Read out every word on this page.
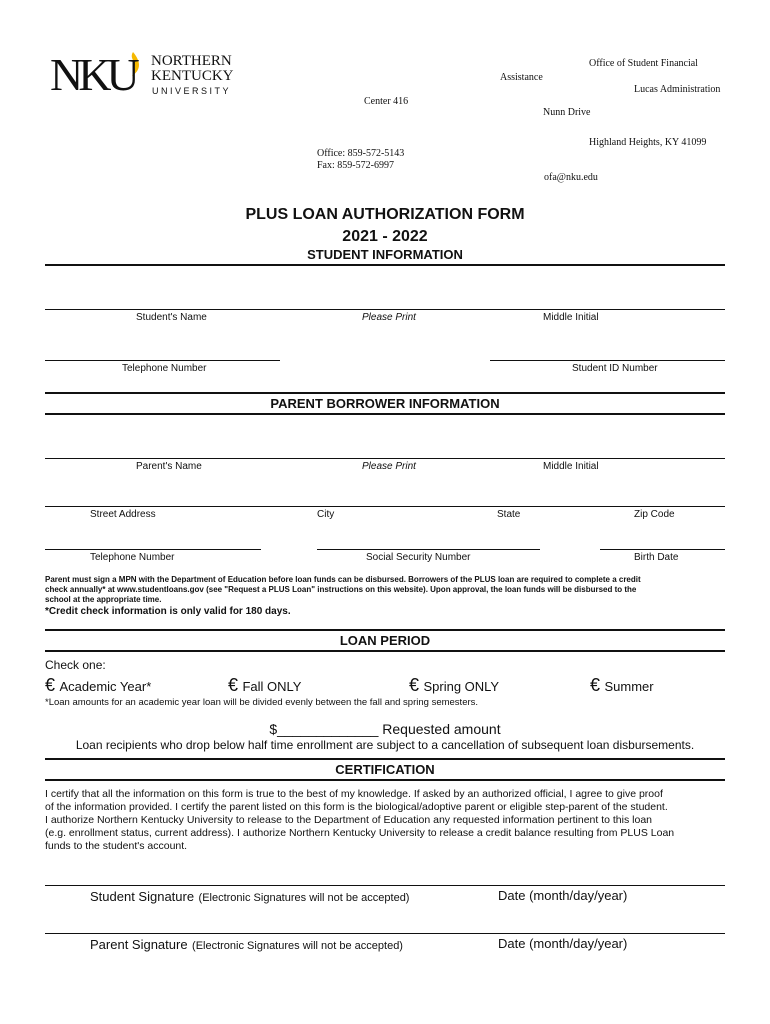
NKU NORTHERN
KENTUCKY
UNIVERSITY
Office of Student Financial
Assistance
Lucas Administration
Center 416
Nunn Drive
Highland Heights, KY 41099
Office: 859-572-5143
Fax: 859-572-6997
ofa@nku.edu
PLUS LOAN AUTHORIZATION FORM
2021 - 2022
STUDENT INFORMATION
Student's Name	Please Print	Middle Initial
Telephone Number	Student ID Number
PARENT BORROWER INFORMATION
Parent's Name	Please Print	Middle Initial
Street Address	City	State	Zip Code
Telephone Number	Social Security Number	Birth Date
Parent must sign a MPN with the Department of Education before loan funds can be disbursed. Borrowers of the PLUS loan are required to complete a credit
check annually* at www.studentloans.gov (see "Request a PLUS Loan" instructions on this website). Upon approval, the loan funds will be disbursed to the
school at the appropriate time.
*Credit check information is only valid for 180 days.
LOAN PERIOD
Check one:
€ Academic Year*	€ Fall ONLY	€ Spring ONLY	€ Summer
*Loan amounts for an academic year loan will be divided evenly between the fall and spring semesters.
$_____________ Requested amount
Loan recipients who drop below half time enrollment are subject to a cancellation of subsequent loan disbursements.
CERTIFICATION
I certify that all the information on this form is true to the best of my knowledge. If asked by an authorized official, I agree to give proof
of the information provided. I certify the parent listed on this form is the biological/adoptive parent or eligible step-parent of the student.
I authorize Northern Kentucky University to release to the Department of Education any requested information pertinent to this loan
(e.g. enrollment status, current address). I authorize Northern Kentucky University to release a credit balance resulting from PLUS Loan
funds to the student's account.
Student Signature (Electronic Signatures will not be accepted)	Date (month/day/year)
Parent Signature (Electronic Signatures will not be accepted)	Date (month/day/year)
